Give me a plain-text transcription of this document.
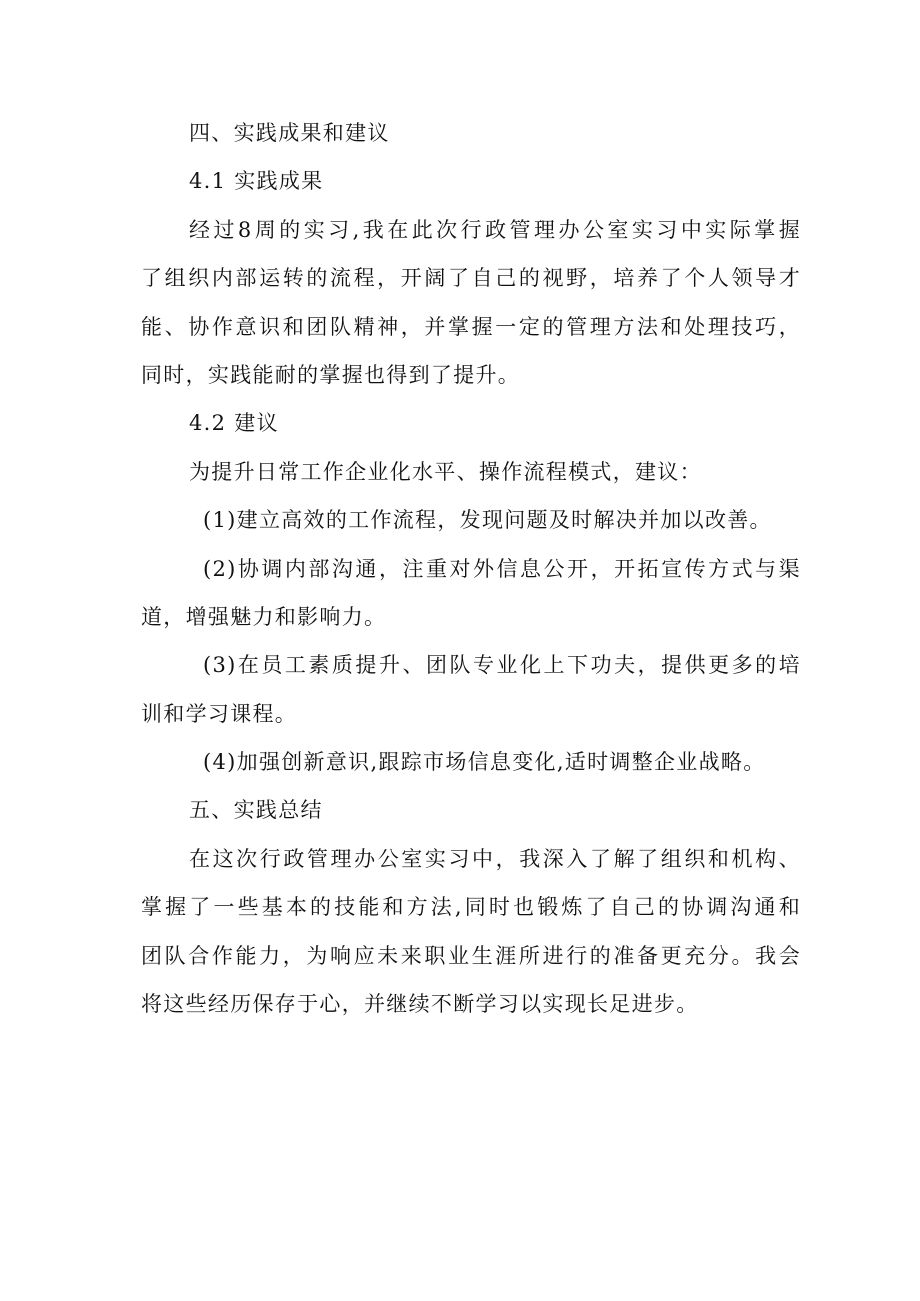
四、实践成果和建议
4.1 实践成果
经过8周的实习,我在此次行政管理办公室实习中实际掌握
了组织内部运转的流程，开阔了自己的视野，培养了个人领导才
能、协作意识和团队精神，并掌握一定的管理方法和处理技巧，
同时，实践能耐的掌握也得到了提升。
4.2 建议
为提升日常工作企业化水平、操作流程模式，建议：
(1)建立高效的工作流程，发现问题及时解决并加以改善。
(2)协调内部沟通，注重对外信息公开，开拓宣传方式与渠
道，增强魅力和影响力。
(3)在员工素质提升、团队专业化上下功夫，提供更多的培
训和学习课程。
(4)加强创新意识,跟踪市场信息变化,适时调整企业战略。
五、实践总结
在这次行政管理办公室实习中，我深入了解了组织和机构、
掌握了一些基本的技能和方法,同时也锻炼了自己的协调沟通和
团队合作能力，为响应未来职业生涯所进行的准备更充分。我会
将这些经历保存于心，并继续不断学习以实现长足进步。
